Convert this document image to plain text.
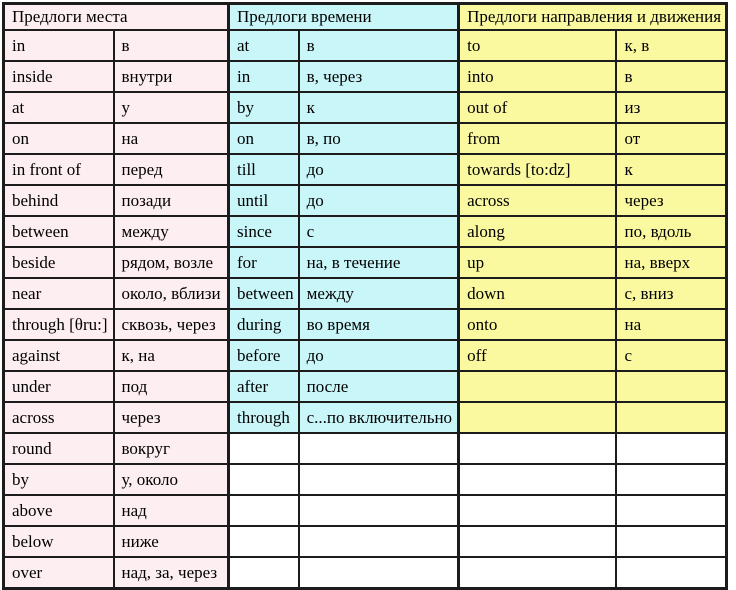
Предлоги места		Предлоги времени		Предлоги направления и движения	
in	в	at	в	to	к, в
inside	внутри	in	в, через	into	в
at	у	by	к	out of	из
on	на	on	в, по	from	от
in front of	перед	till	до	towards [to:dz]	к
behind	позади	until	до	across	через
between	между	since	с	along	по, вдоль
beside	рядом, возле	for	на, в течение	up	на, вверх
near	около, вблизи	between	между	down	с, вниз
through [θru:]	сквозь, через	during	во время	onto	на
against	к, на	before	до	off	с
under	под	after	после		
across	через	through	с...по включительно		
round	вокруг				
by	у, около				
above	над				
below	ниже				
over	над, за, через				
